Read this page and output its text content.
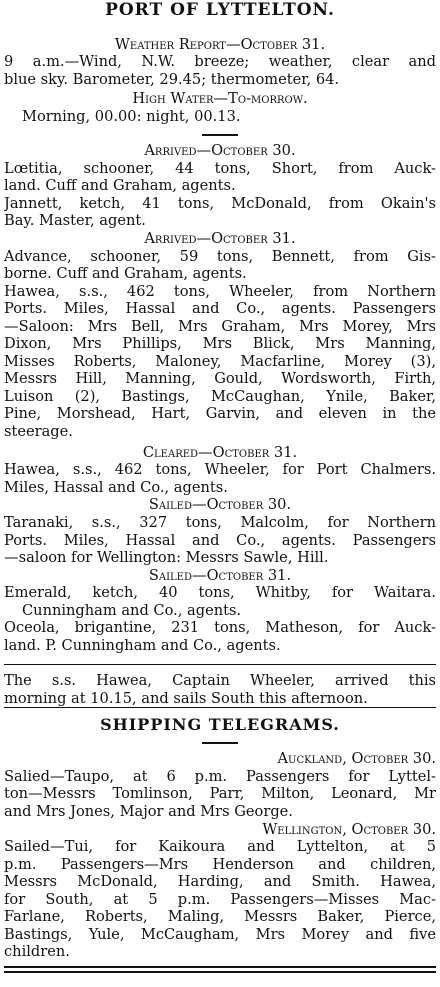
PORT OF LYTTELTON.
Weather Report—October 31.
9 a.m.—Wind, N.W. breeze; weather, clear and
blue sky. Barometer, 29.45; thermometer, 64.
High Water—To-morrow.
Morning, 00.00: night, 00.13.
Arrived—October 30.
Lœtitia, schooner, 44 tons, Short, from Auck-
land. Cuff and Graham, agents.
Jannett, ketch, 41 tons, McDonald, from Okain's
Bay. Master, agent.
Arrived—October 31.
Advance, schooner, 59 tons, Bennett, from Gis-
borne. Cuff and Graham, agents.
Hawea, s.s., 462 tons, Wheeler, from Northern
Ports. Miles, Hassal and Co., agents. Passengers
—Saloon: Mrs Bell, Mrs Graham, Mrs Morey, Mrs
Dixon, Mrs Phillips, Mrs Blick, Mrs Manning,
Misses Roberts, Maloney, Macfarline, Morey (3),
Messrs Hill, Manning, Gould, Wordsworth, Firth,
Luison (2), Bastings, McCaughan, Ynile, Baker,
Pine, Morshead, Hart, Garvin, and eleven in the
steerage.
Cleared—October 31.
Hawea, s.s., 462 tons, Wheeler, for Port Chalmers.
Miles, Hassal and Co., agents.
Sailed—October 30.
Taranaki, s.s., 327 tons, Malcolm, for Northern
Ports. Miles, Hassal and Co., agents. Passengers
—saloon for Wellington: Messrs Sawle, Hill.
Sailed—October 31.
Emerald, ketch, 40 tons, Whitby, for Waitara.
Cunningham and Co., agents.
Oceola, brigantine, 231 tons, Matheson, for Auck-
land. P. Cunningham and Co., agents.
The s.s. Hawea, Captain Wheeler, arrived this
morning at 10.15, and sails South this afternoon.
SHIPPING TELEGRAMS.
Auckland, October 30.
Salied—Taupo, at 6 p.m. Passengers for Lyttel-
ton—Messrs Tomlinson, Parr, Milton, Leonard, Mr
and Mrs Jones, Major and Mrs George.
Wellington, October 30.
Sailed—Tui, for Kaikoura and Lyttelton, at 5
p.m. Passengers—Mrs Henderson and children,
Messrs McDonald, Harding, and Smith. Hawea,
for South, at 5 p.m. Passengers—Misses Mac-
Farlane, Roberts, Maling, Messrs Baker, Pierce,
Bastings, Yule, McCaugham, Mrs Morey and five
children.
